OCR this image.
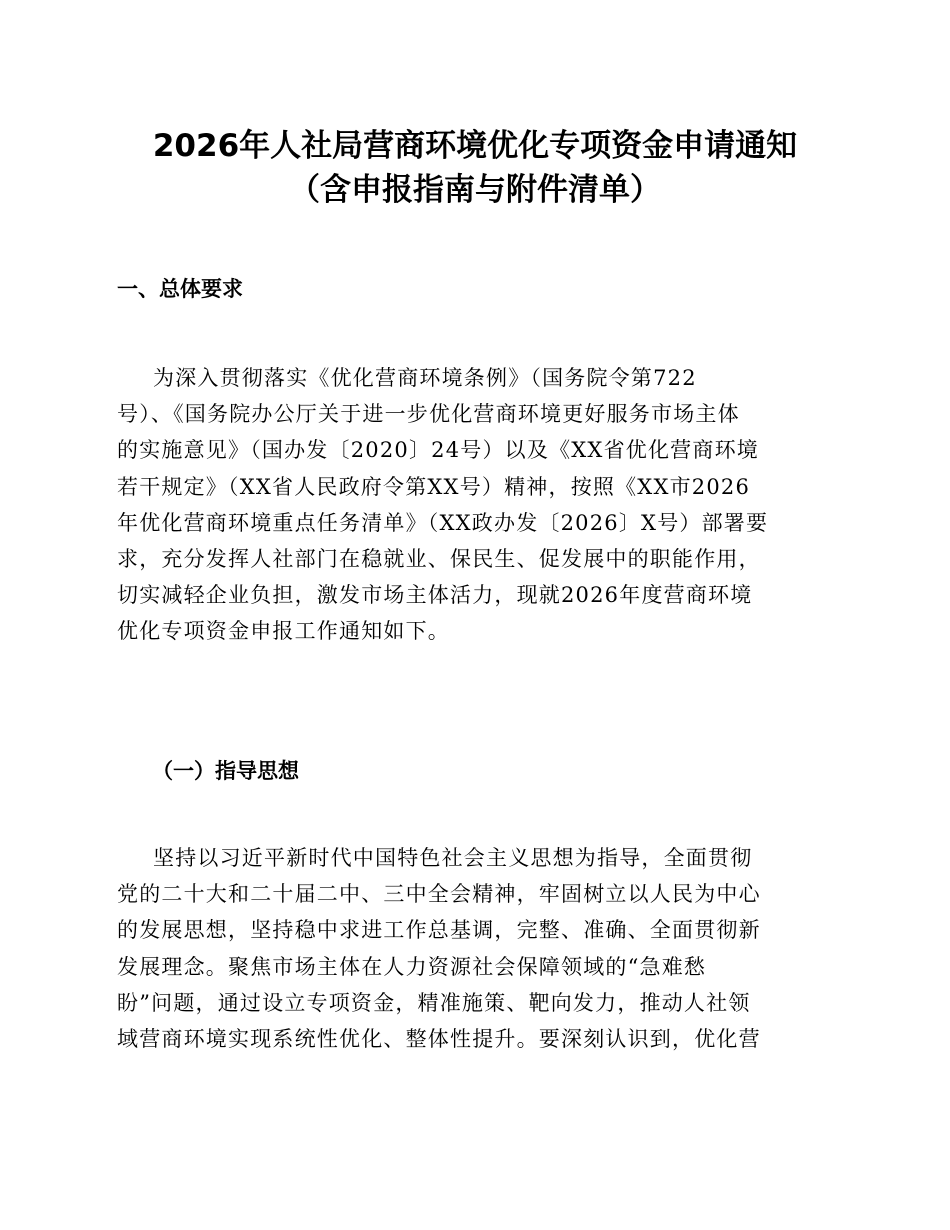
2026年人社局营商环境优化专项资金申请通知
（含申报指南与附件清单）
一、总体要求
为深入贯彻落实《优化营商环境条例》（国务院令第722
号）、《国务院办公厅关于进一步优化营商环境更好服务市场主体
的实施意见》（国办发〔2020〕24号）以及《XX省优化营商环境
若干规定》（XX省人民政府令第XX号）精神，按照《XX市2026
年优化营商环境重点任务清单》（XX政办发〔2026〕X号）部署要
求，充分发挥人社部门在稳就业、保民生、促发展中的职能作用，
切实减轻企业负担，激发市场主体活力，现就2026年度营商环境
优化专项资金申报工作通知如下。
（一）指导思想
坚持以习近平新时代中国特色社会主义思想为指导，全面贯彻
党的二十大和二十届二中、三中全会精神，牢固树立以人民为中心
的发展思想，坚持稳中求进工作总基调，完整、准确、全面贯彻新
发展理念。聚焦市场主体在人力资源社会保障领域的“急难愁
盼”问题，通过设立专项资金，精准施策、靶向发力，推动人社领
域营商环境实现系统性优化、整体性提升。要深刻认识到，优化营
